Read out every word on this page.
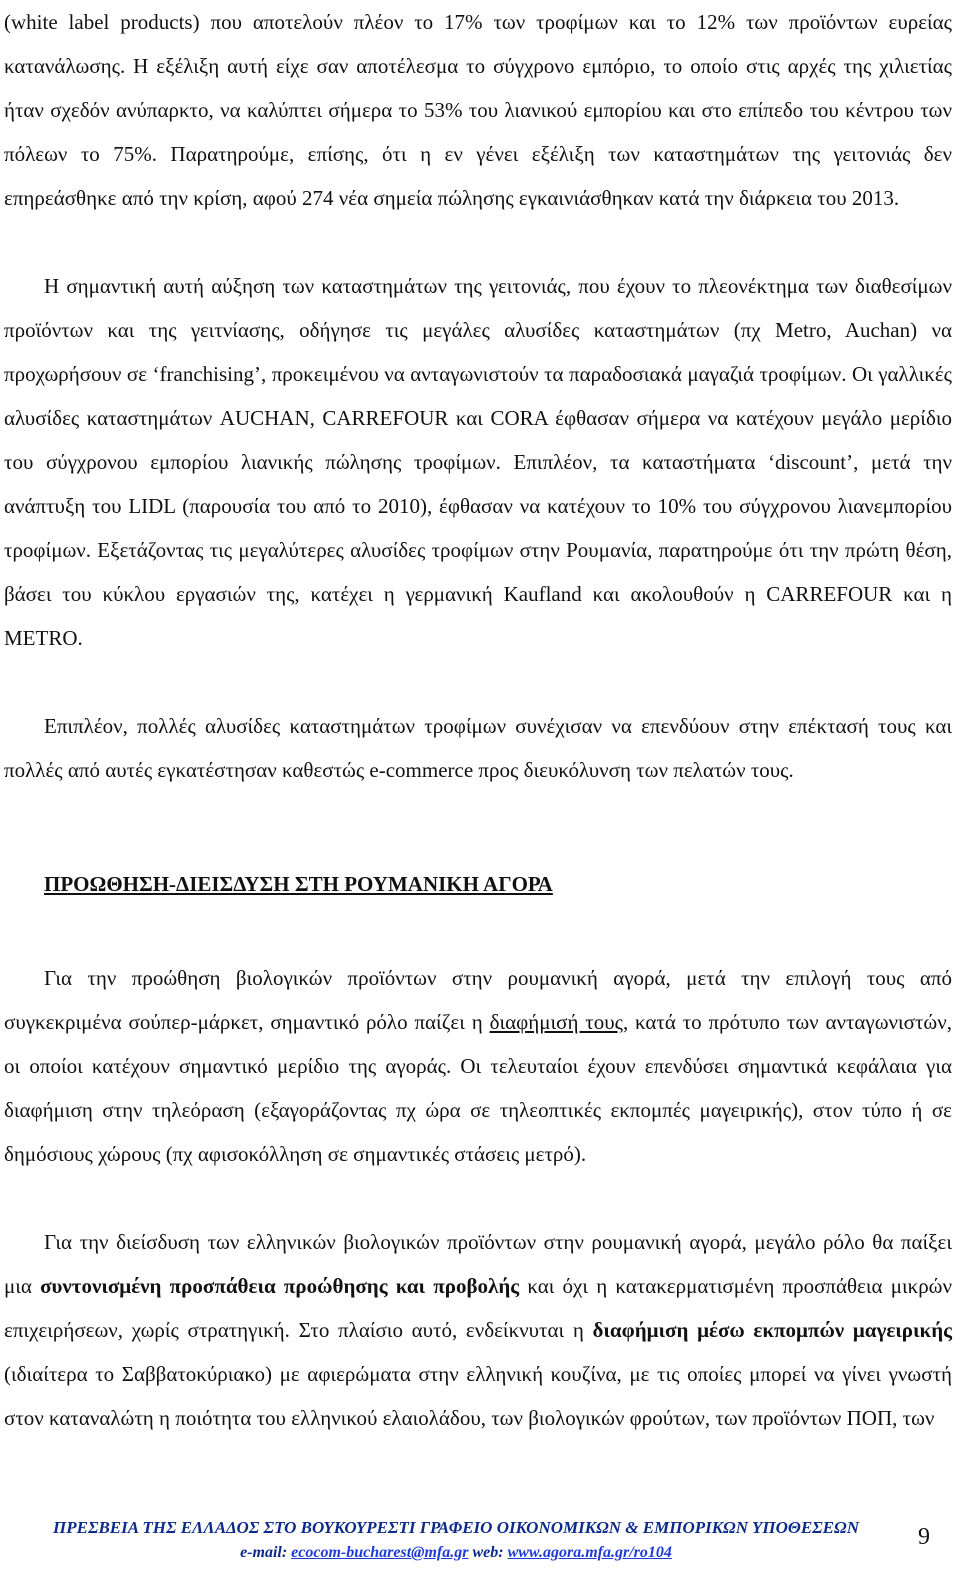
(white label products) που αποτελούν πλέον το 17% των τροφίμων και το 12% των προϊόντων ευρείας κατανάλωσης. Η εξέλιξη αυτή είχε σαν αποτέλεσμα το σύγχρονο εμπόριο, το οποίο στις αρχές της χιλιετίας ήταν σχεδόν ανύπαρκτο, να καλύπτει σήμερα το 53% του λιανικού εμπορίου και στο επίπεδο του κέντρου των πόλεων το 75%. Παρατηρούμε, επίσης, ότι η εν γένει εξέλιξη των καταστημάτων της γειτονιάς δεν επηρεάσθηκε από την κρίση, αφού 274 νέα σημεία πώλησης εγκαινιάσθηκαν κατά την διάρκεια του 2013.

Η σημαντική αυτή αύξηση των καταστημάτων της γειτονιάς, που έχουν το πλεονέκτημα των διαθεσίμων προϊόντων και της γειτνίασης, οδήγησε τις μεγάλες αλυσίδες καταστημάτων (πχ Metro, Auchan) να προχωρήσουν σε ‘franchising’, προκειμένου να ανταγωνιστούν τα παραδοσιακά μαγαζιά τροφίμων. Οι γαλλικές αλυσίδες καταστημάτων AUCHAN, CARREFOUR και CORA έφθασαν σήμερα να κατέχουν μεγάλο μερίδιο του σύγχρονου εμπορίου λιανικής πώλησης τροφίμων. Επιπλέον, τα καταστήματα ‘discount’, μετά την ανάπτυξη του LIDL (παρουσία του από το 2010), έφθασαν να κατέχουν το 10% του σύγχρονου λιανεμπορίου τροφίμων. Εξετάζοντας τις μεγαλύτερες αλυσίδες τροφίμων στην Ρουμανία, παρατηρούμε ότι την πρώτη θέση, βάσει του κύκλου εργασιών της, κατέχει η γερμανική Kaufland και ακολουθούν η CARREFOUR και η METRO.

Επιπλέον, πολλές αλυσίδες καταστημάτων τροφίμων συνέχισαν να επενδύουν στην επέκτασή τους και πολλές από αυτές εγκατέστησαν καθεστώς e-commerce προς διευκόλυνση των πελατών τους.

ΠΡΟΩΘΗΣΗ-ΔΙΕΙΣΔΥΣΗ ΣΤΗ ΡΟΥΜΑΝΙΚΗ ΑΓΟΡΑ

Για την προώθηση βιολογικών προϊόντων στην ρουμανική αγορά, μετά την επιλογή τους από συγκεκριμένα σούπερ-μάρκετ, σημαντικό ρόλο παίζει η διαφήμισή τους, κατά το πρότυπο των ανταγωνιστών, οι οποίοι κατέχουν σημαντικό μερίδιο της αγοράς. Οι τελευταίοι έχουν επενδύσει σημαντικά κεφάλαια για διαφήμιση στην τηλεόραση (εξαγοράζοντας πχ ώρα σε τηλεοπτικές εκπομπές μαγειρικής), στον τύπο ή σε δημόσιους χώρους (πχ αφισοκόλληση σε σημαντικές στάσεις μετρό).

Για την διείσδυση των ελληνικών βιολογικών προϊόντων στην ρουμανική αγορά, μεγάλο ρόλο θα παίξει μια συντονισμένη προσπάθεια προώθησης και προβολής και όχι η κατακερματισμένη προσπάθεια μικρών επιχειρήσεων, χωρίς στρατηγική. Στο πλαίσιο αυτό, ενδείκνυται η διαφήμιση μέσω εκπομπών μαγειρικής (ιδιαίτερα το Σαββατοκύριακο) με αφιερώματα στην ελληνική κουζίνα, με τις οποίες μπορεί να γίνει γνωστή στον καταναλώτη η ποιότητα του ελληνικού ελαιολάδου, των βιολογικών φρούτων, των προϊόντων ΠΟΠ, των

ΠΡΕΣΒΕΙΑ ΤΗΣ ΕΛΛΑΔΟΣ ΣΤΟ ΒΟΥΚΟΥΡΕΣΤΙ ΓΡΑΦΕΙΟ ΟΙΚΟΝΟΜΙΚΩΝ & ΕΜΠΟΡΙΚΩΝ ΥΠΟΘΕΣΕΩΝ
e-mail: ecocom-bucharest@mfa.gr web: www.agora.mfa.gr/ro104
9
